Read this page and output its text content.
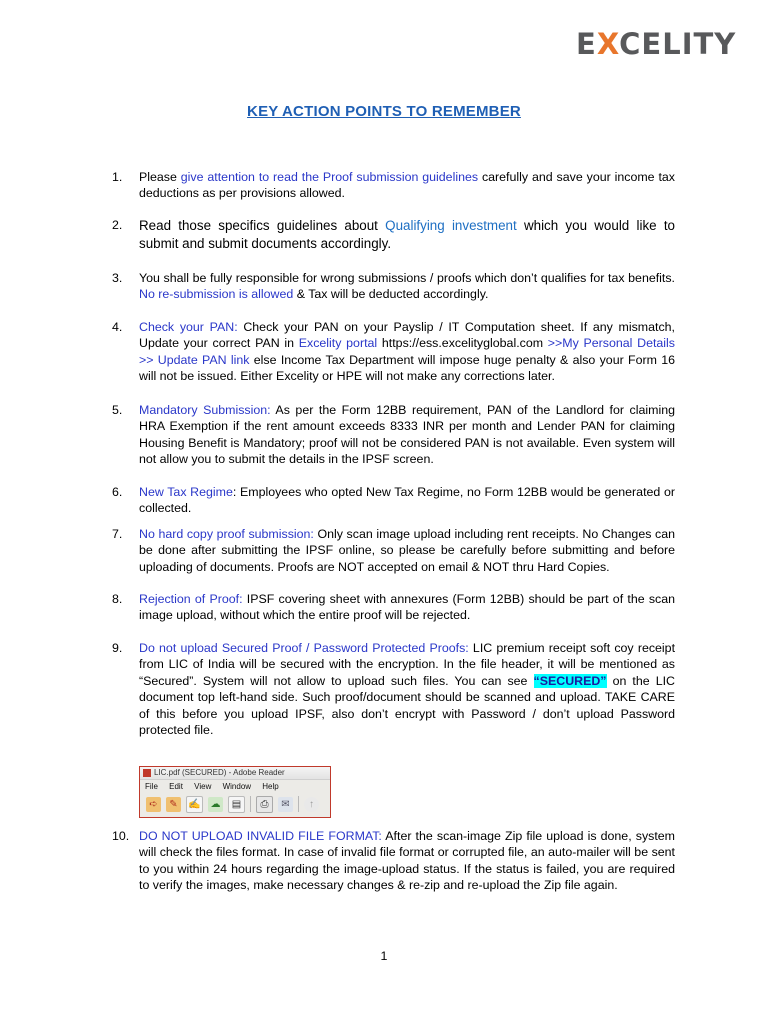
EXCELITY
KEY ACTION POINTS TO REMEMBER
1.	Please give attention to read the Proof submission guidelines carefully and save your income tax deductions as per provisions allowed.
2.	Read those specifics guidelines about Qualifying investment which you would like to submit and submit documents accordingly.
3.	You shall be fully responsible for wrong submissions / proofs which don’t qualifies for tax benefits. No re-submission is allowed & Tax will be deducted accordingly.
4.	Check your PAN: Check your PAN on your Payslip / IT Computation sheet. If any mismatch, Update your correct PAN in Excelity portal https://ess.excelityglobal.com >>My Personal Details >> Update PAN link else Income Tax Department will impose huge penalty & also your Form 16 will not be issued. Either Excelity or HPE will not make any corrections later.
5.	Mandatory Submission: As per the Form 12BB requirement, PAN of the Landlord for claiming HRA Exemption if the rent amount exceeds 8333 INR per month and Lender PAN for claiming Housing Benefit is Mandatory; proof will not be considered PAN is not available. Even system will not allow you to submit the details in the IPSF screen.
6.	New Tax Regime: Employees who opted New Tax Regime, no Form 12BB would be generated or collected.
7.	No hard copy proof submission: Only scan image upload including rent receipts. No Changes can be done after submitting the IPSF online, so please be carefully before submitting and before uploading of documents. Proofs are NOT accepted on email & NOT thru Hard Copies.
8.	Rejection of Proof: IPSF covering sheet with annexures (Form 12BB) should be part of the scan image upload, without which the entire proof will be rejected.
9.	Do not upload Secured Proof / Password Protected Proofs: LIC premium receipt soft coy receipt from LIC of India will be secured with the encryption. In the file header, it will be mentioned as “Secured”. System will not allow to upload such files. You can see “SECURED” on the LIC document top left-hand side. Such proof/document should be scanned and upload. TAKE CARE of this before you upload IPSF, also don’t encrypt with Password / don’t upload Password protected file.
10. DO NOT UPLOAD INVALID FILE FORMAT: After the scan-image Zip file upload is done, system will check the files format. In case of invalid file format or corrupted file, an auto-mailer will be sent to you within 24 hours regarding the image-upload status. If the status is failed, you are required to verify the images, make necessary changes & re-zip and re-upload the Zip file again.
LIC.pdf (SECURED) - Adobe Reader
File Edit View Window Help
➪	✎	✍ ☁	▤	⎙	✉	↑
1
